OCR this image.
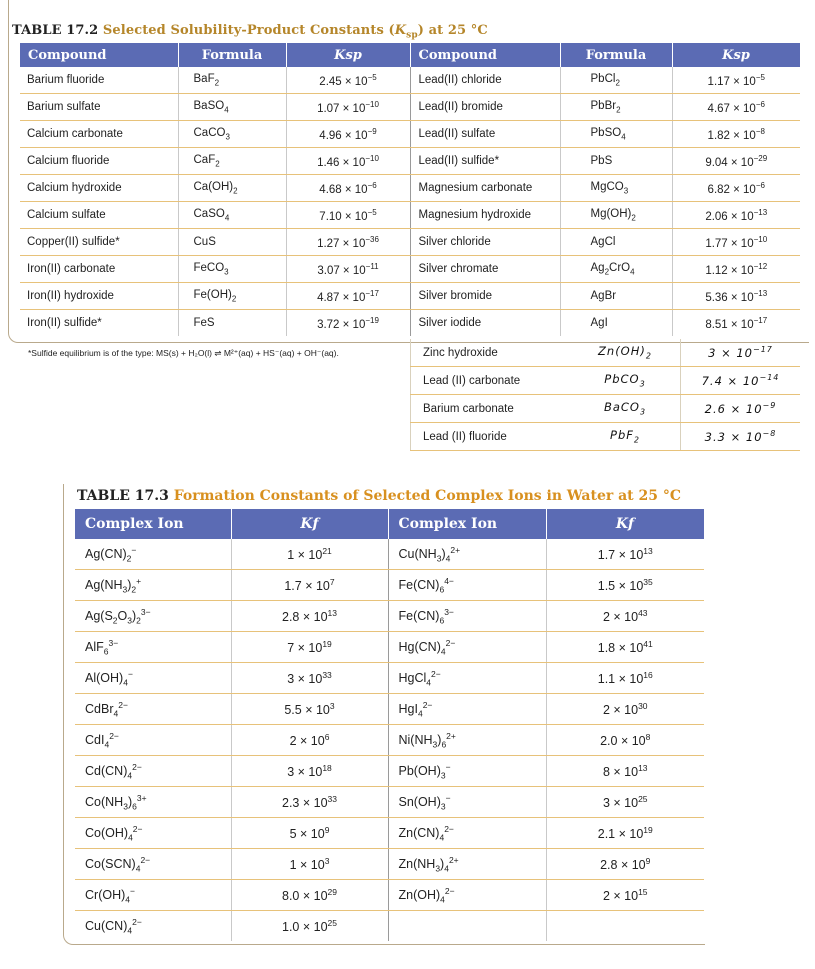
TABLE 17.2 Selected Solubility-Product Constants $(K_{sp})$ at 25 °C
Compound	Formula	Ksp	Compound	Formula	Ksp
Barium fluoride	BaF$_2$	$2.45 \times 10^{-5}$	Lead(II) chloride	PbCl$_2$	$1.17 \times 10^{-5}$
Barium sulfate	BaSO$_4$	$1.07 \times 10^{-10}$	Lead(II) bromide	PbBr$_2$	$4.67 \times 10^{-6}$
Calcium carbonate	CaCO$_3$	$4.96 \times 10^{-9}$	Lead(II) sulfate	PbSO$_4$	$1.82 \times 10^{-8}$
Calcium fluoride	CaF$_2$	$1.46 \times 10^{-10}$	Lead(II) sulfide*	PbS	$9.04 \times 10^{-29}$
Calcium hydroxide	$Ca(OH)_2$	$4.68 \times 10^{-6}$	Magnesium carbonate	MgCO$_3$	$6.82 \times 10^{-6}$
Calcium sulfate	CaSO$_4$	$7.10 \times 10^{-5}$	Magnesium hydroxide	$Mg(OH)_2$	$2.06 \times 10^{-13}$
Copper(II) sulfide*	CuS	$1.27 \times 10^{-36}$	Silver chloride	AgCl	$1.77 \times 10^{-10}$
Iron(II) carbonate	FeCO$_3$	$3.07 \times 10^{-11}$	Silver chromate	$Ag_2CrO_4$	$1.12 \times 10^{-12}$
Iron(II) hydroxide	$Fe(OH)_2$	$4.87 \times 10^{-17}$	Silver bromide	AgBr	$5.36 \times 10^{-13}$
Iron(II) sulfide*	FeS	$3.72 \times 10^{-19}$	Silver iodide	AgI	$8.51 \times 10^{-17}$
Zinc hydroxide	$Zn(OH)_2$	$3 \times 10^{-17}$
Lead (II) carbonate	PbCO$_3$	$7.4 \times 10^{-14}$
Barium carbonate	BaCO$_3$	$2.6 \times 10^{-9}$
Lead (II) fluoride	PbF$_2$	$3.3 \times 10^{-8}$
*Sulfide equilibrium is of the type: MS(s) + H₂O(l) ⇌ M²⁺(aq) + HS⁻(aq) + OH⁻(aq).
TABLE 17.3 Formation Constants of Selected Complex Ions in Water at 25 °C
Complex Ion	Kf	Complex Ion	Kf
$Ag(CN)_2^-$	$1 \times 10^{21}$	$Cu(NH_3)_4^{2+}$	$1.7 \times 10^{13}$
$Ag(NH_3)_2^+$	$1.7 \times 10^7$	$Fe(CN)_6^{4-}$	$1.5 \times 10^{35}$
$Ag(S_2O_3)_2^{3-}$	$2.8 \times 10^{13}$	$Fe(CN)_6^{3-}$	$2 \times 10^{43}$
AlF$_6^{3-}$	$7 \times 10^{19}$	$Hg(CN)_4^{2-}$	$1.8 \times 10^{41}$
$Al(OH)_4^-$	$3 \times 10^{33}$	HgCl$_4^{2-}$	$1.1 \times 10^{16}$
CdBr$_4^{2-}$	$5.5 \times 10^3$	HgI$_4^{2-}$	$2 \times 10^{30}$
CdI$_4^{2-}$	$2 \times 10^6$	$Ni(NH_3)_6^{2+}$	$2.0 \times 10^8$
$Cd(CN)_4^{2-}$	$3 \times 10^{18}$	$Pb(OH)_3^-$	$8 \times 10^{13}$
$Co(NH_3)_6^{3+}$	$2.3 \times 10^{33}$	$Sn(OH)_3^-$	$3 \times 10^{25}$
$Co(OH)_4^{2-}$	$5 \times 10^9$	$Zn(CN)_4^{2-}$	$2.1 \times 10^{19}$
$Co(SCN)_4^{2-}$	$1 \times 10^3$	$Zn(NH_3)_4^{2+}$	$2.8 \times 10^9$
$Cr(OH)_4^-$	$8.0 \times 10^{29}$	$Zn(OH)_4^{2-}$	$2 \times 10^{15}$
$Cu(CN)_4^{2-}$	$1.0 \times 10^{25}$		
